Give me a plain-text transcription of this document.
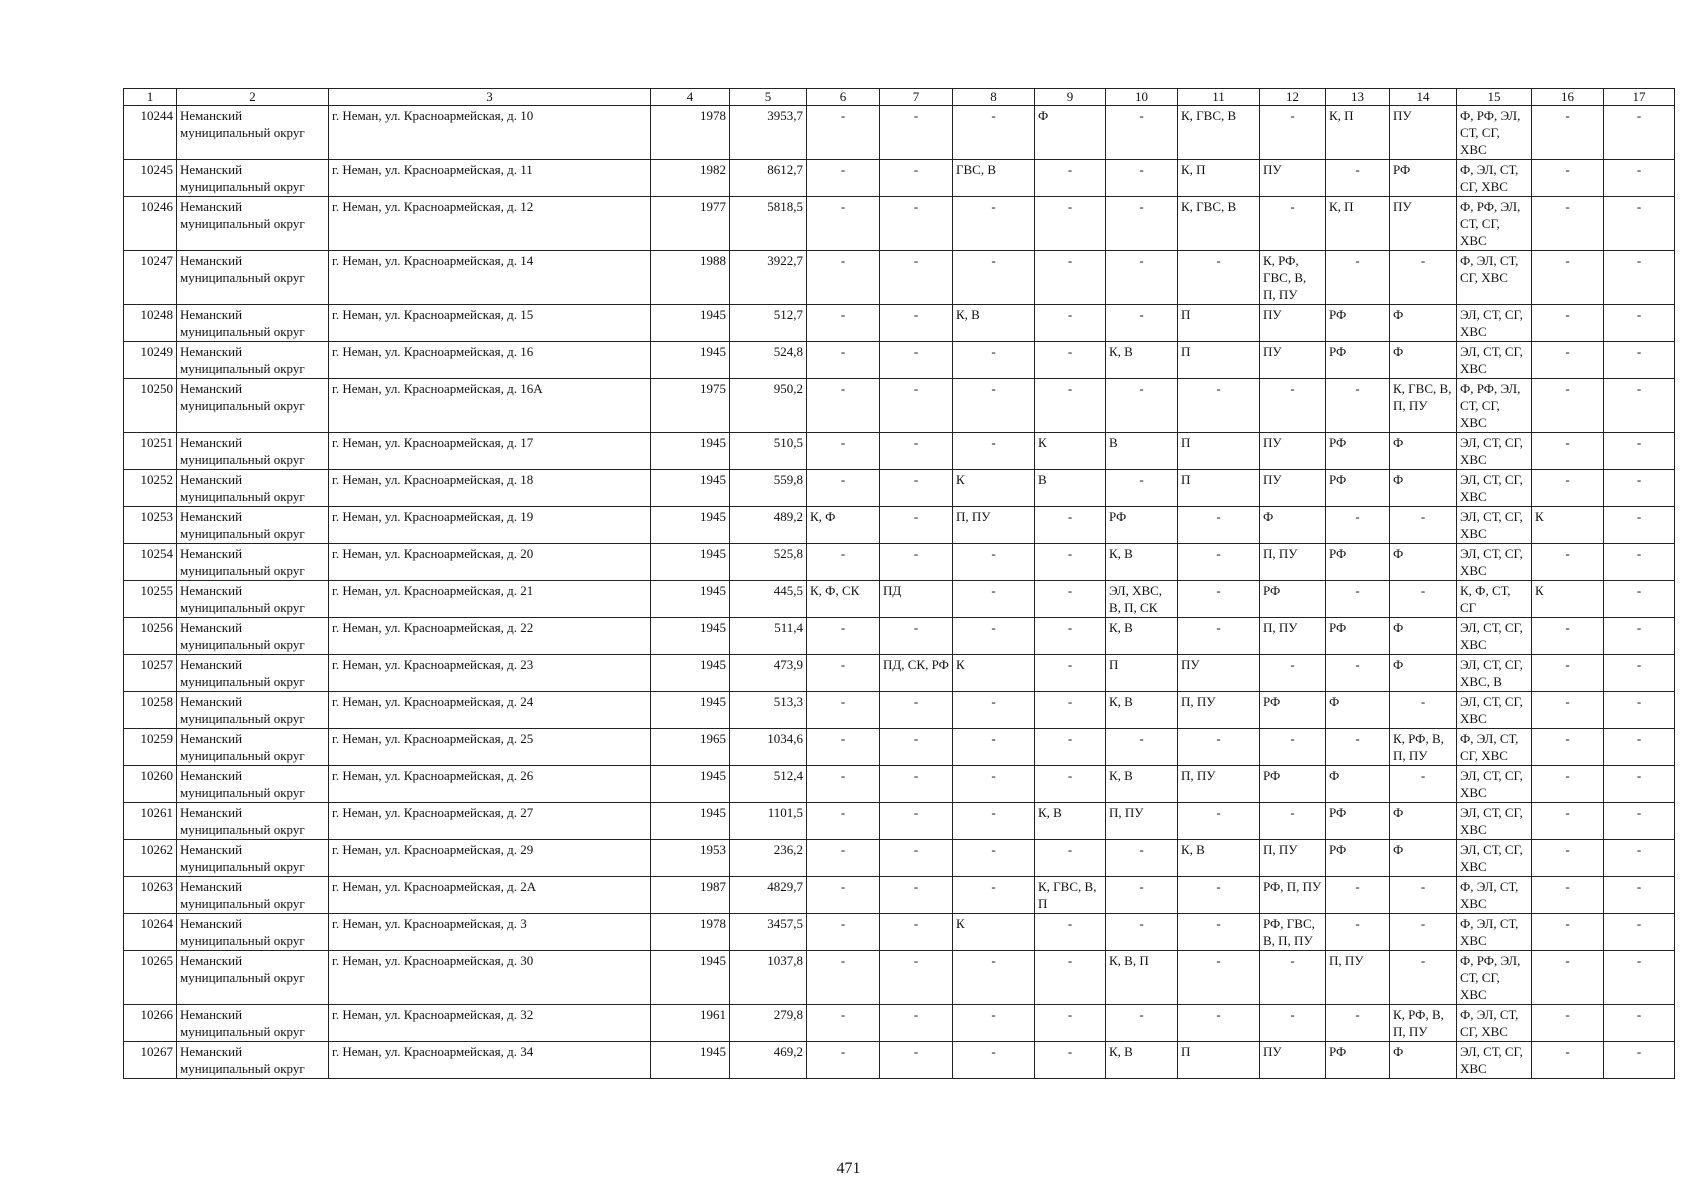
1	2	3	4	5	6	7	8	9	10	11	12	13	14	15	16	17
10244	Неманский муниципальный округ	г. Неман, ул. Красноармейская, д. 10	1978	3953,7	-	-	-	Ф	-	К, ГВС, В	-	К, П	ПУ	Ф, РФ, ЭЛ, СТ, СГ, ХВС	-	-
10245	Неманский муниципальный округ	г. Неман, ул. Красноармейская, д. 11	1982	8612,7	-	-	ГВС, В	-	-	К, П	ПУ	-	РФ	Ф, ЭЛ, СТ, СГ, ХВС	-	-
10246	Неманский муниципальный округ	г. Неман, ул. Красноармейская, д. 12	1977	5818,5	-	-	-	-	-	К, ГВС, В	-	К, П	ПУ	Ф, РФ, ЭЛ, СТ, СГ, ХВС	-	-
10247	Неманский муниципальный округ	г. Неман, ул. Красноармейская, д. 14	1988	3922,7	-	-	-	-	-	-	К, РФ, ГВС, В, П, ПУ	-	-	Ф, ЭЛ, СТ, СГ, ХВС	-	-
10248	Неманский муниципальный округ	г. Неман, ул. Красноармейская, д. 15	1945	512,7	-	-	К, В	-	-	П	ПУ	РФ	Ф	ЭЛ, СТ, СГ, ХВС	-	-
10249	Неманский муниципальный округ	г. Неман, ул. Красноармейская, д. 16	1945	524,8	-	-	-	-	К, В	П	ПУ	РФ	Ф	ЭЛ, СТ, СГ, ХВС	-	-
10250	Неманский муниципальный округ	г. Неман, ул. Красноармейская, д. 16А	1975	950,2	-	-	-	-	-	-	-	-	К, ГВС, В, П, ПУ	Ф, РФ, ЭЛ, СТ, СГ, ХВС	-	-
10251	Неманский муниципальный округ	г. Неман, ул. Красноармейская, д. 17	1945	510,5	-	-	-	К	В	П	ПУ	РФ	Ф	ЭЛ, СТ, СГ, ХВС	-	-
10252	Неманский муниципальный округ	г. Неман, ул. Красноармейская, д. 18	1945	559,8	-	-	К	В	-	П	ПУ	РФ	Ф	ЭЛ, СТ, СГ, ХВС	-	-
10253	Неманский муниципальный округ	г. Неман, ул. Красноармейская, д. 19	1945	489,2	К, Ф	-	П, ПУ	-	РФ	-	Ф	-	-	ЭЛ, СТ, СГ, ХВС	К	-
10254	Неманский муниципальный округ	г. Неман, ул. Красноармейская, д. 20	1945	525,8	-	-	-	-	К, В	-	П, ПУ	РФ	Ф	ЭЛ, СТ, СГ, ХВС	-	-
10255	Неманский муниципальный округ	г. Неман, ул. Красноармейская, д. 21	1945	445,5	К, Ф, СК	ПД	-	-	ЭЛ, ХВС, В, П, СК	-	РФ	-	-	К, Ф, СТ, СГ	К	-
10256	Неманский муниципальный округ	г. Неман, ул. Красноармейская, д. 22	1945	511,4	-	-	-	-	К, В	-	П, ПУ	РФ	Ф	ЭЛ, СТ, СГ, ХВС	-	-
10257	Неманский муниципальный округ	г. Неман, ул. Красноармейская, д. 23	1945	473,9	-	ПД, СК, РФ	К	-	П	ПУ	-	-	Ф	ЭЛ, СТ, СГ, ХВС, В	-	-
10258	Неманский муниципальный округ	г. Неман, ул. Красноармейская, д. 24	1945	513,3	-	-	-	-	К, В	П, ПУ	РФ	Ф	-	ЭЛ, СТ, СГ, ХВС	-	-
10259	Неманский муниципальный округ	г. Неман, ул. Красноармейская, д. 25	1965	1034,6	-	-	-	-	-	-	-	-	К, РФ, В, П, ПУ	Ф, ЭЛ, СТ, СГ, ХВС	-	-
10260	Неманский муниципальный округ	г. Неман, ул. Красноармейская, д. 26	1945	512,4	-	-	-	-	К, В	П, ПУ	РФ	Ф	-	ЭЛ, СТ, СГ, ХВС	-	-
10261	Неманский муниципальный округ	г. Неман, ул. Красноармейская, д. 27	1945	1101,5	-	-	-	К, В	П, ПУ	-	-	РФ	Ф	ЭЛ, СТ, СГ, ХВС	-	-
10262	Неманский муниципальный округ	г. Неман, ул. Красноармейская, д. 29	1953	236,2	-	-	-	-	-	К, В	П, ПУ	РФ	Ф	ЭЛ, СТ, СГ, ХВС	-	-
10263	Неманский муниципальный округ	г. Неман, ул. Красноармейская, д. 2А	1987	4829,7	-	-	-	К, ГВС, В, П	-	-	РФ, П, ПУ	-	-	Ф, ЭЛ, СТ, ХВС	-	-
10264	Неманский муниципальный округ	г. Неман, ул. Красноармейская, д. 3	1978	3457,5	-	-	К	-	-	-	РФ, ГВС, В, П, ПУ	-	-	Ф, ЭЛ, СТ, ХВС	-	-
10265	Неманский муниципальный округ	г. Неман, ул. Красноармейская, д. 30	1945	1037,8	-	-	-	-	К, В, П	-	-	П, ПУ	-	Ф, РФ, ЭЛ, СТ, СГ, ХВС	-	-
10266	Неманский муниципальный округ	г. Неман, ул. Красноармейская, д. 32	1961	279,8	-	-	-	-	-	-	-	-	К, РФ, В, П, ПУ	Ф, ЭЛ, СТ, СГ, ХВС	-	-
10267	Неманский муниципальный округ	г. Неман, ул. Красноармейская, д. 34	1945	469,2	-	-	-	-	К, В	П	ПУ	РФ	Ф	ЭЛ, СТ, СГ, ХВС	-	-
471
